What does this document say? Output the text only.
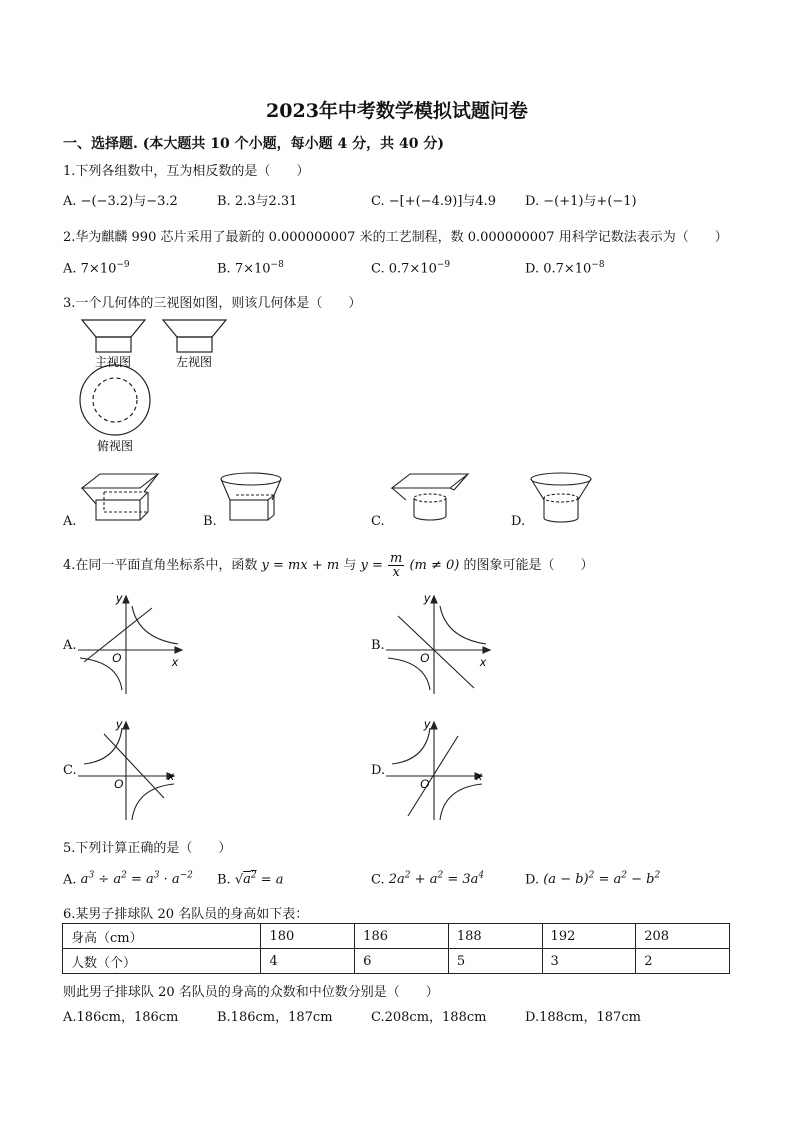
2023年中考数学模拟试题问卷
一、选择题. (本大题共 10 个小题，每小题 4 分，共 40 分)
1.下列各组数中，互为相反数的是（　　）
A. −(−3.2)与−3.2	B. 2.3与2.31	C. −[+(−4.9)]与4.9 D. −(+1)与+(−1)
2.华为麒麟 990 芯片采用了最新的 0.000000007 米的工艺制程，数 0.000000007 用科学记数法表示为（　　）
A. $7\times 10^{-9}$	B. $7\times 10^{-8}$	C. $0.7\times 10^{-9}$	D. $0.7\times 10^{-8}$
3.一个几何体的三视图如图，则该几何体是（　　）
主视图	左视图
俯视图
A.	B.	C.	D.
4.在同一平面直角坐标系中，函数 y = mx + m 与 $y = \frac{m}{x} (m \ne 0)$ 的图象可能是（　　）
A.
y
x
O
B.
y
x
O
C.
y
x
O
D.
y
x
O
5.下列计算正确的是（　　）
A. $a^3 \div a^2 = a^3 \cdot a^{-2}$ B. $√a^2 = a$	C. $2a^2 + a^2 = 3a^4$	D. $(a - b)^2 = a^2 - b^2$
6.某男子排球队 20 名队员的身高如下表：
身高（cm）	180	186	188	192	208
人数（个）	4	6	5	3	2
则此男子排球队 20 名队员的身高的众数和中位数分别是（　　）
A.186cm，186cm	B.186cm，187cm	C.208cm，188cm	D.188cm，187cm
